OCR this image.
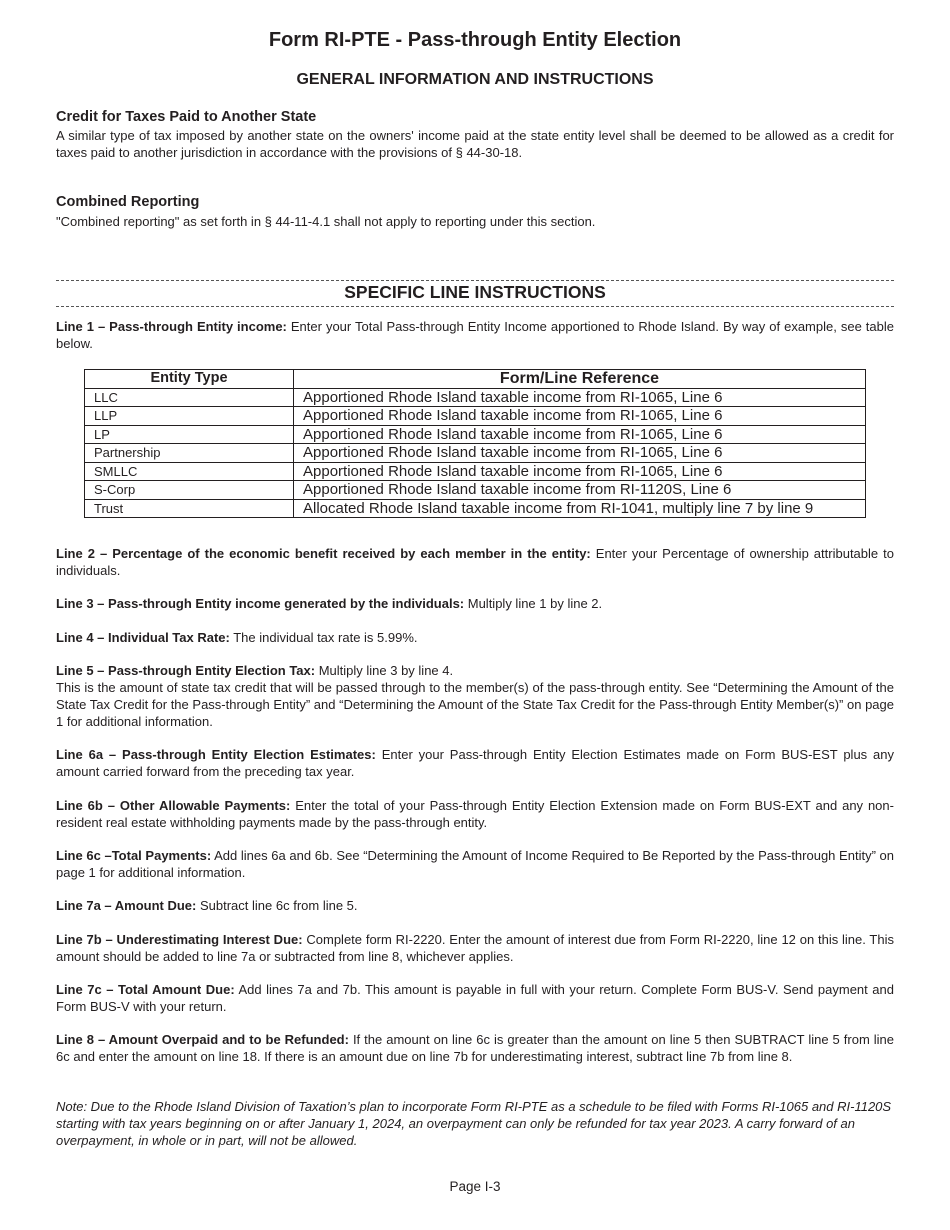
Form RI-PTE - Pass-through Entity Election
GENERAL INFORMATION AND INSTRUCTIONS
Credit for Taxes Paid to Another State
A similar type of tax imposed by another state on the owners' income paid at the state entity level shall be deemed to be allowed as a credit for taxes paid to another jurisdiction in accordance with the provisions of § 44-30-18.
Combined Reporting
"Combined reporting" as set forth in § 44-11-4.1 shall not apply to reporting under this section.
SPECIFIC LINE INSTRUCTIONS
Line 1 – Pass-through Entity income: Enter your Total Pass-through Entity Income apportioned to Rhode Island. By way of example, see table below.
Entity Type	Form/Line Reference
LLC	Apportioned Rhode Island taxable income from RI-1065, Line 6
LLP	Apportioned Rhode Island taxable income from RI-1065, Line 6
LP	Apportioned Rhode Island taxable income from RI-1065, Line 6
Partnership	Apportioned Rhode Island taxable income from RI-1065, Line 6
SMLLC	Apportioned Rhode Island taxable income from RI-1065, Line 6
S-Corp	Apportioned Rhode Island taxable income from RI-1120S, Line 6
Trust	Allocated Rhode Island taxable income from RI-1041, multiply line 7 by line 9
Line 2 – Percentage of the economic benefit received by each member in the entity: Enter your Percentage of ownership attributable to individuals.
Line 3 – Pass-through Entity income generated by the individuals: Multiply line 1 by line 2.
Line 4 – Individual Tax Rate: The individual tax rate is 5.99%.
Line 5 – Pass-through Entity Election Tax: Multiply line 3 by line 4.
This is the amount of state tax credit that will be passed through to the member(s) of the pass-through entity. See “Determining the Amount of the State Tax Credit for the Pass-through Entity” and “Determining the Amount of the State Tax Credit for the Pass-through Entity Member(s)” on page 1 for additional information.
Line 6a – Pass-through Entity Election Estimates: Enter your Pass-through Entity Election Estimates made on Form BUS-EST plus any amount carried forward from the preceding tax year.
Line 6b – Other Allowable Payments: Enter the total of your Pass-through Entity Election Extension made on Form BUS-EXT and any non-resident real estate withholding payments made by the pass-through entity.
Line 6c –Total Payments: Add lines 6a and 6b. See “Determining the Amount of Income Required to Be Reported by the Pass-through Entity” on page 1 for additional information.
Line 7a – Amount Due: Subtract line 6c from line 5.
Line 7b – Underestimating Interest Due: Complete form RI-2220. Enter the amount of interest due from Form RI-2220, line 12 on this line. This amount should be added to line 7a or subtracted from line 8, whichever applies.
Line 7c – Total Amount Due: Add lines 7a and 7b. This amount is payable in full with your return. Complete Form BUS-V. Send payment and Form BUS-V with your return.
Line 8 – Amount Overpaid and to be Refunded: If the amount on line 6c is greater than the amount on line 5 then SUBTRACT line 5 from line 6c and enter the amount on line 18. If there is an amount due on line 7b for underestimating interest, subtract line 7b from line 8.
Note: Due to the Rhode Island Division of Taxation’s plan to incorporate Form RI-PTE as a schedule to be filed with Forms RI-1065 and RI-1120S starting with tax years beginning on or after January 1, 2024, an overpayment can only be refunded for tax year 2023. A carry forward of an overpayment, in whole or in part, will not be allowed.
Page I-3
